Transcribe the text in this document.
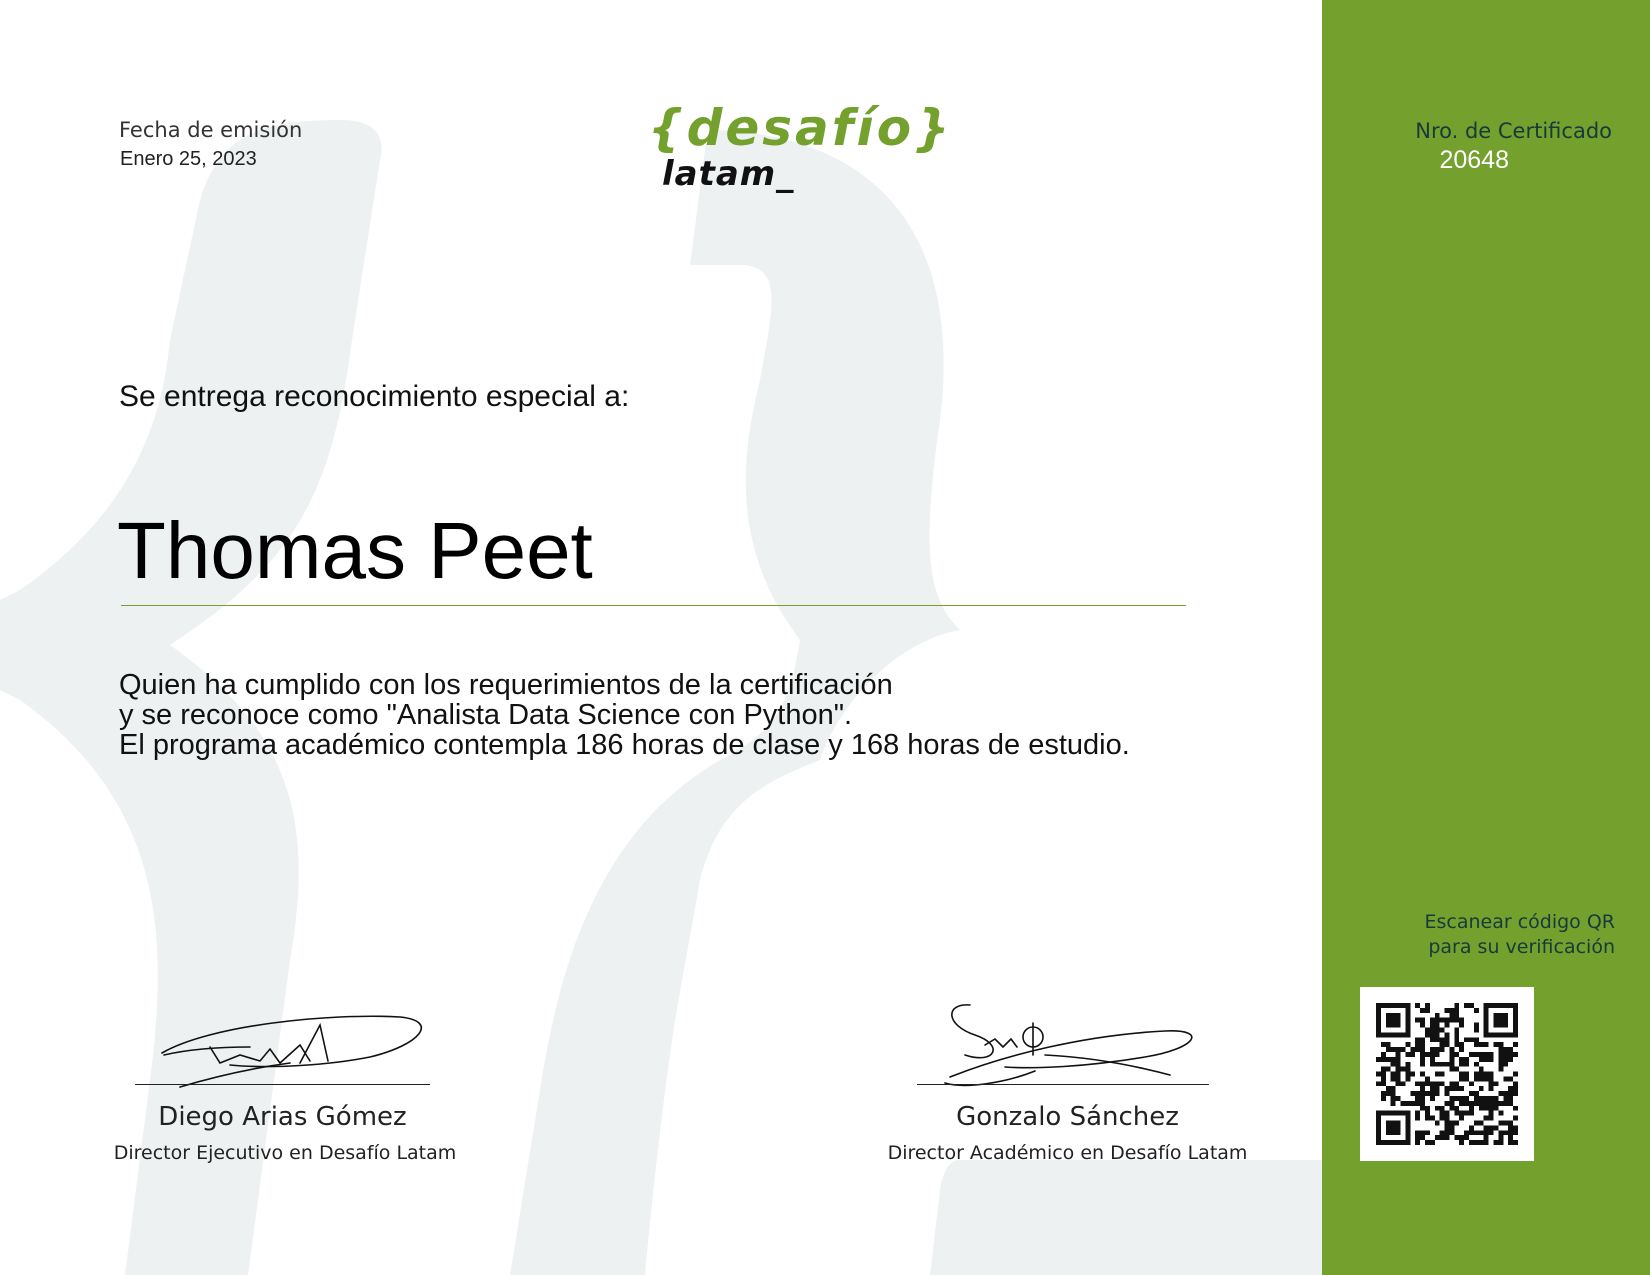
Fecha de emisión
Enero 25, 2023
{desafío}
latam_
Nro. de Certificado
20648
Se entrega reconocimiento especial a:
Thomas Peet
Quien ha cumplido con los requerimientos de la certificación
y se reconoce como "Analista Data Science con Python".
El programa académico contempla 186 horas de clase y 168 horas de estudio.
Diego Arias Gómez
Director Ejecutivo en Desafío Latam
Gonzalo Sánchez
Director Académico en Desafío Latam
Escanear código QR
para su verificación
